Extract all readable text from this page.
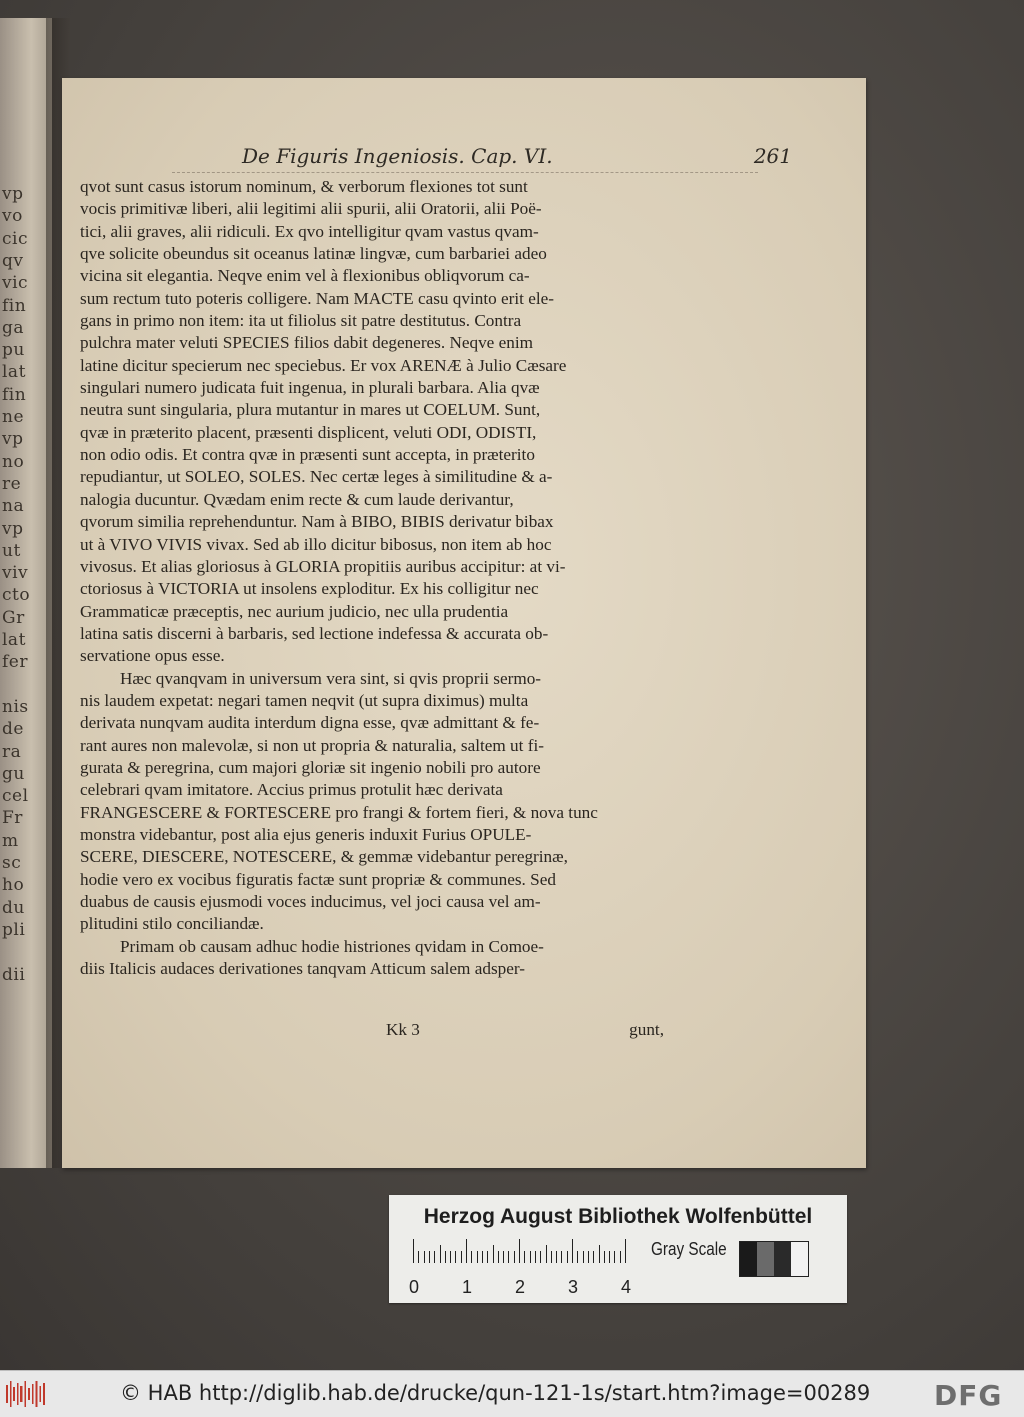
vp
vo
cic
qv
vic
fin
ga
pu
lat
fin
ne
vp
no
re
na
vp
ut
viv
cto
Gr
lat
fer
nis
de
ra
gu
cel
Fr
m
sc
ho
du
pli
dii
De Figuris Ingeniosis. Cap. VI.	261
qvot sunt casus istorum nominum, & verborum flexiones tot sunt
vocis primitivæ liberi, alii legitimi alii spurii, alii Oratorii, alii Poë-
tici, alii graves, alii ridiculi. Ex qvo intelligitur qvam vastus qvam-
qve solicite obeundus sit oceanus latinæ lingvæ, cum barbariei adeo
vicina sit elegantia. Neqve enim vel à flexionibus obliqvorum ca-
sum rectum tuto poteris colligere. Nam MACTE casu qvinto erit ele-
gans in primo non item: ita ut filiolus sit patre destitutus. Contra
pulchra mater veluti SPECIES filios dabit degeneres. Neqve enim
latine dicitur specierum nec speciebus. Er vox ARENÆ à Julio Cæsare
singulari numero judicata fuit ingenua, in plurali barbara. Alia qvæ
neutra sunt singularia, plura mutantur in mares ut COELUM. Sunt,
qvæ in præterito placent, præsenti displicent, veluti ODI, ODISTI,
non odio odis. Et contra qvæ in præsenti sunt accepta, in præterito
repudiantur, ut SOLEO, SOLES. Nec certæ leges à similitudine & a-
nalogia ducuntur. Qvædam enim recte & cum laude derivantur,
qvorum similia reprehenduntur. Nam à BIBO, BIBIS derivatur bibax
ut à VIVO VIVIS vivax. Sed ab illo dicitur bibosus, non item ab hoc
vivosus. Et alias gloriosus à GLORIA propitiis auribus accipitur: at vi-
ctoriosus à VICTORIA ut insolens exploditur. Ex his colligitur nec
Grammaticæ præceptis, nec aurium judicio, nec ulla prudentia
latina satis discerni à barbaris, sed lectione indefessa & accurata ob-
servatione opus esse.
Hæc qvanqvam in universum vera sint, si qvis proprii sermo-
nis laudem expetat: negari tamen neqvit (ut supra diximus) multa
derivata nunqvam audita interdum digna esse, qvæ admittant & fe-
rant aures non malevolæ, si non ut propria & naturalia, saltem ut fi-
gurata & peregrina, cum majori gloriæ sit ingenio nobili pro autore
celebrari qvam imitatore. Accius primus protulit hæc derivata
FRANGESCERE & FORTESCERE pro frangi & fortem fieri, & nova tunc
monstra videbantur, post alia ejus generis induxit Furius OPULE-
SCERE, DIESCERE, NOTESCERE, & gemmæ videbantur peregrinæ,
hodie vero ex vocibus figuratis factæ sunt propriæ & communes. Sed
duabus de causis ejusmodi voces inducimus, vel joci causa vel am-
plitudini stilo conciliandæ.
Primam ob causam adhuc hodie histriones qvidam in Comoe-
diis Italicis audaces derivationes tanqvam Atticum salem adsper-
Kk 3	gunt,
Herzog August Bibliothek Wolfenbüttel
0 1 2 3 4
Gray Scale
© HAB http://diglib.hab.de/drucke/qun-121-1s/start.htm?image=00289 DFG
